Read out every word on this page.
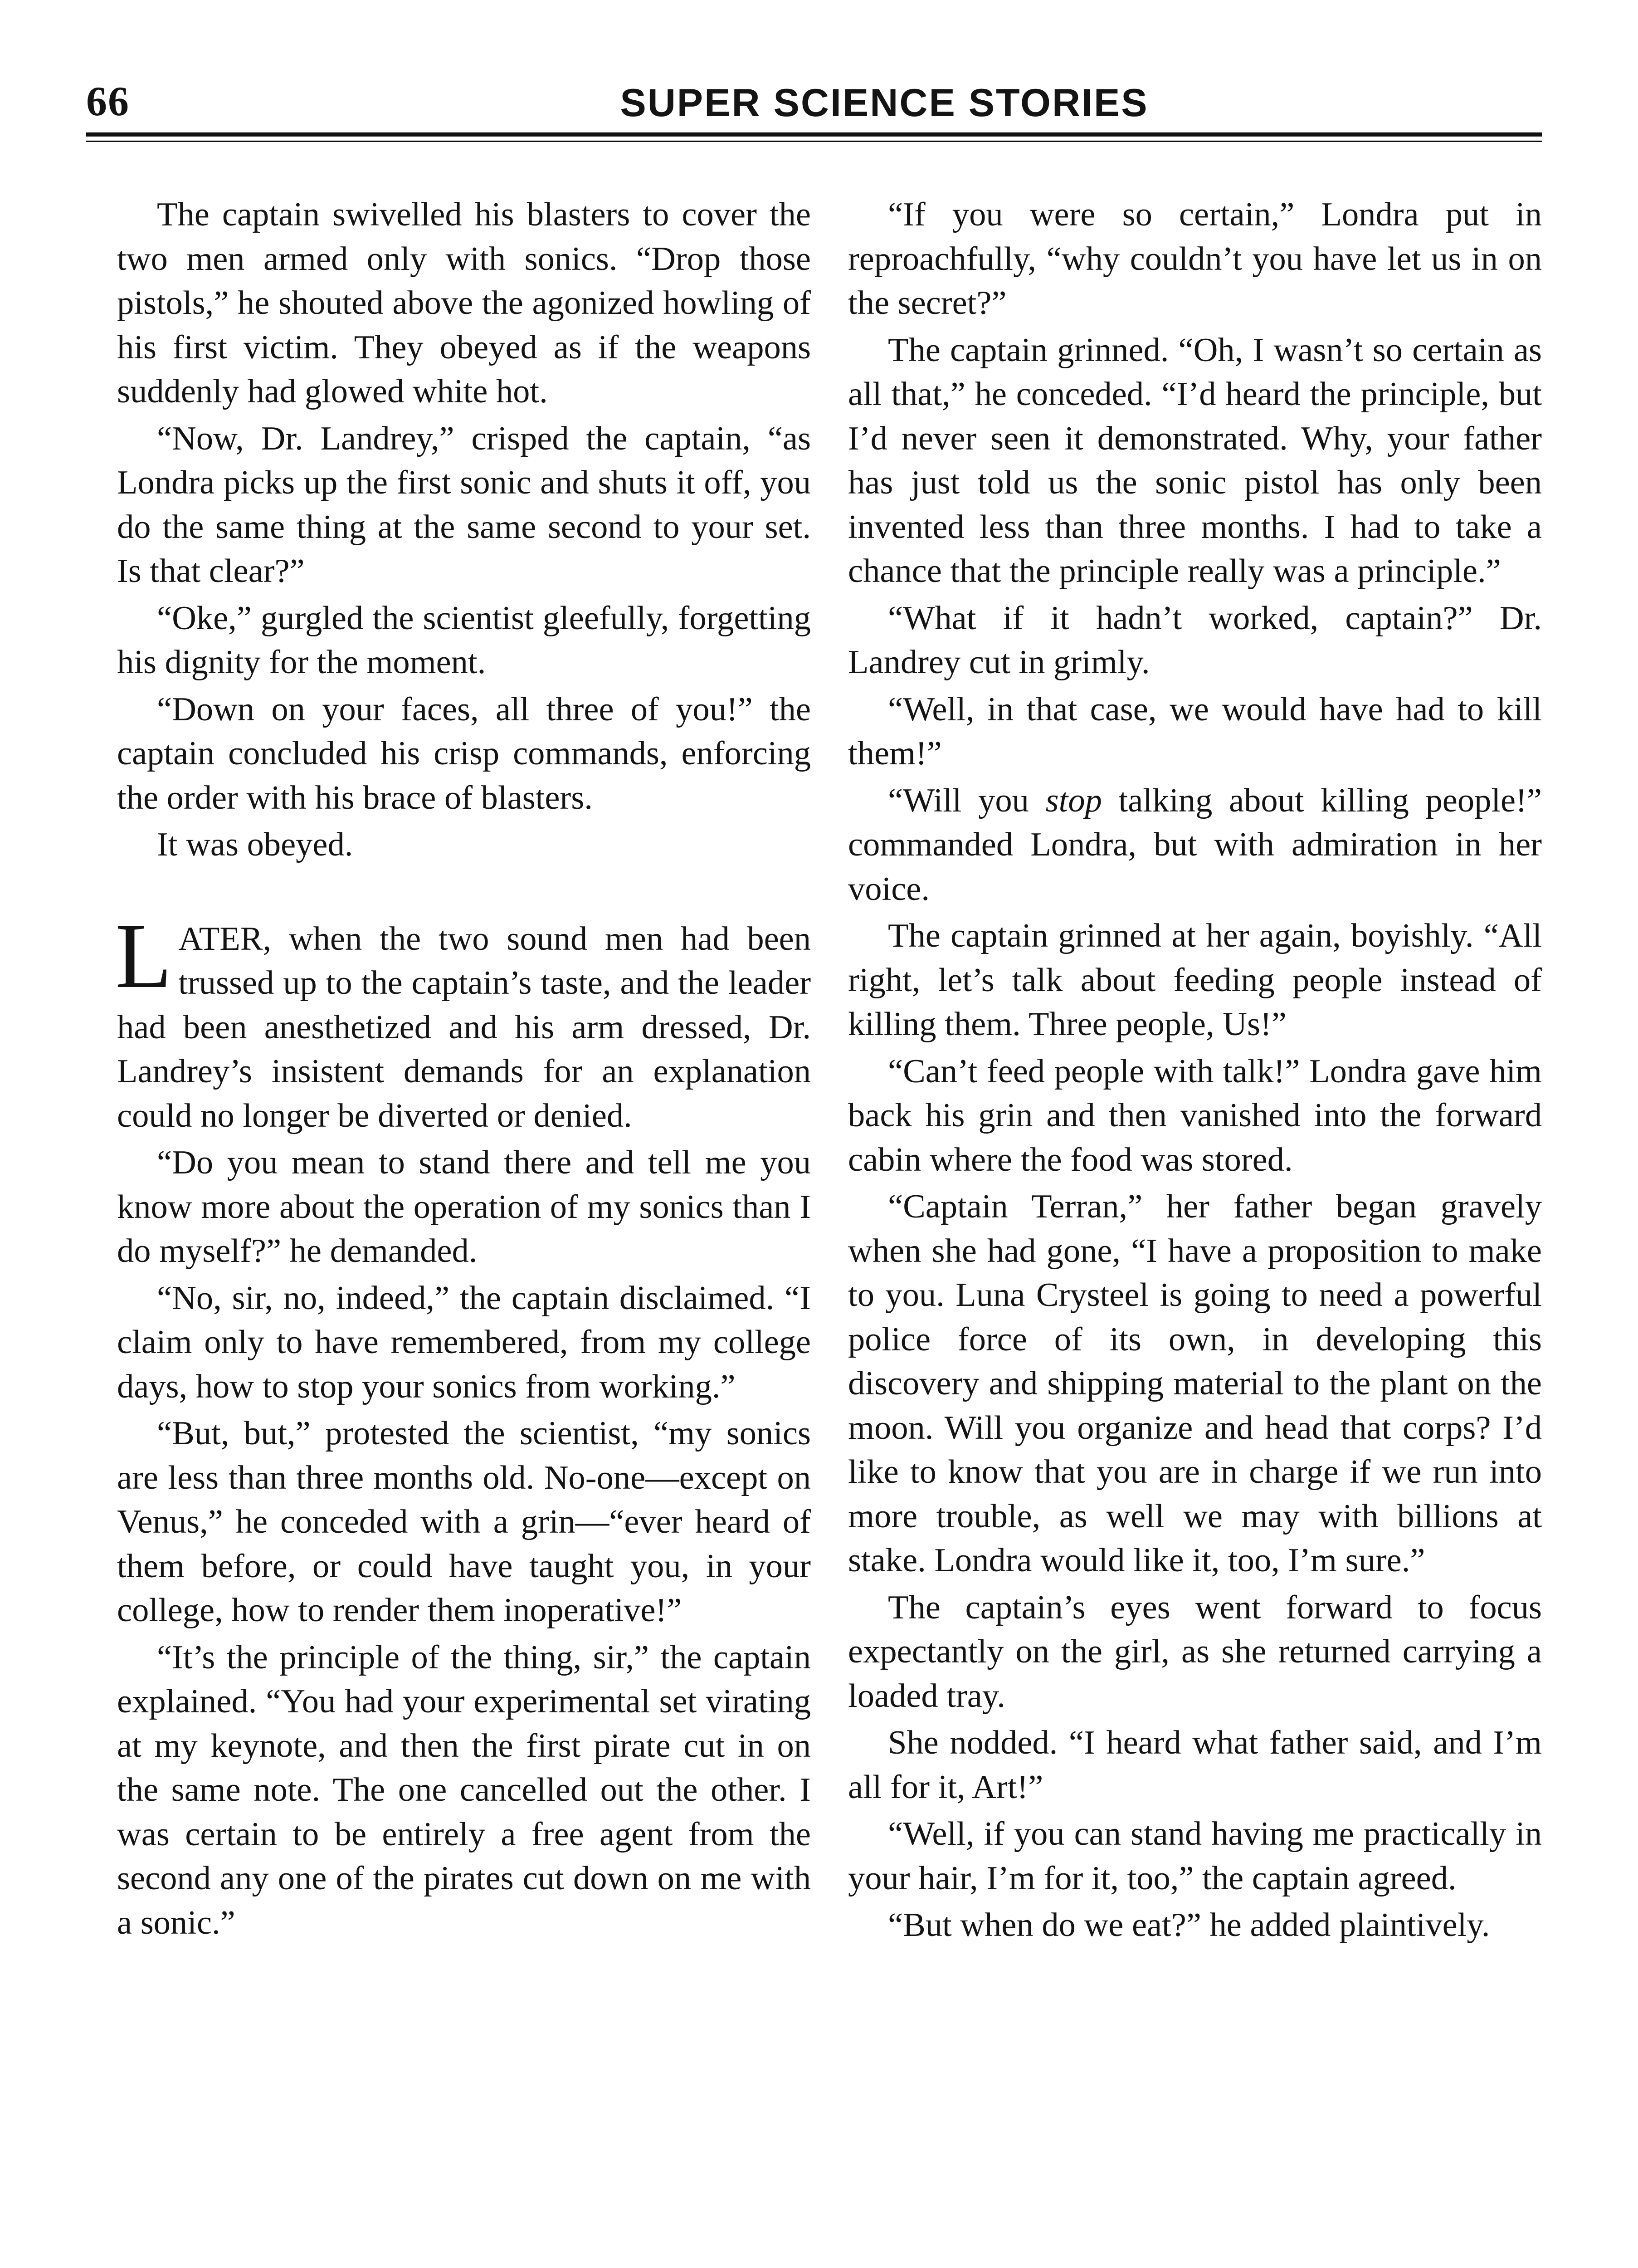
66	SUPER SCIENCE STORIES

The captain swivelled his blasters to cover the two men armed only with sonics. “Drop those pistols,” he shouted above the agonized howling of his first victim. They obeyed as if the weapons suddenly had glowed white hot.

“Now, Dr. Landrey,” crisped the captain, “as Londra picks up the first sonic and shuts it off, you do the same thing at the same second to your set. Is that clear?”

“Oke,” gurgled the scientist gleefully, forgetting his dignity for the moment.

“Down on your faces, all three of you!” the captain concluded his crisp commands, enforcing the order with his brace of blasters.

It was obeyed.

LATER, when the two sound men had been trussed up to the captain’s taste, and the leader had been anesthetized and his arm dressed, Dr. Landrey’s insistent demands for an explanation could no longer be diverted or denied.

“Do you mean to stand there and tell me you know more about the operation of my sonics than I do myself?” he demanded.

“No, sir, no, indeed,” the captain disclaimed. “I claim only to have remembered, from my college days, how to stop your sonics from working.”

“But, but,” protested the scientist, “my sonics are less than three months old. No-one—except on Venus,” he conceded with a grin—“ever heard of them before, or could have taught you, in your college, how to render them inoperative!”

“It’s the principle of the thing, sir,” the captain explained. “You had your experimental set virating at my keynote, and then the first pirate cut in on the same note. The one cancelled out the other. I was certain to be entirely a free agent from the second any one of the pirates cut down on me with a sonic.”

“If you were so certain,” Londra put in reproachfully, “why couldn’t you have let us in on the secret?”

The captain grinned. “Oh, I wasn’t so certain as all that,” he conceded. “I’d heard the principle, but I’d never seen it demonstrated. Why, your father has just told us the sonic pistol has only been invented less than three months. I had to take a chance that the principle really was a principle.”

“What if it hadn’t worked, captain?” Dr. Landrey cut in grimly.

“Well, in that case, we would have had to kill them!”

“Will you stop talking about killing people!” commanded Londra, but with admiration in her voice.

The captain grinned at her again, boyishly. “All right, let’s talk about feeding people instead of killing them. Three people, Us!”

“Can’t feed people with talk!” Londra gave him back his grin and then vanished into the forward cabin where the food was stored.

“Captain Terran,” her father began gravely when she had gone, “I have a proposition to make to you. Luna Crysteel is going to need a powerful police force of its own, in developing this discovery and shipping material to the plant on the moon. Will you organize and head that corps? I’d like to know that you are in charge if we run into more trouble, as well we may with billions at stake. Londra would like it, too, I’m sure.”

The captain’s eyes went forward to focus expectantly on the girl, as she returned carrying a loaded tray.

She nodded. “I heard what father said, and I’m all for it, Art!”

“Well, if you can stand having me practically in your hair, I’m for it, too,” the captain agreed.

“But when do we eat?” he added plaintively.
